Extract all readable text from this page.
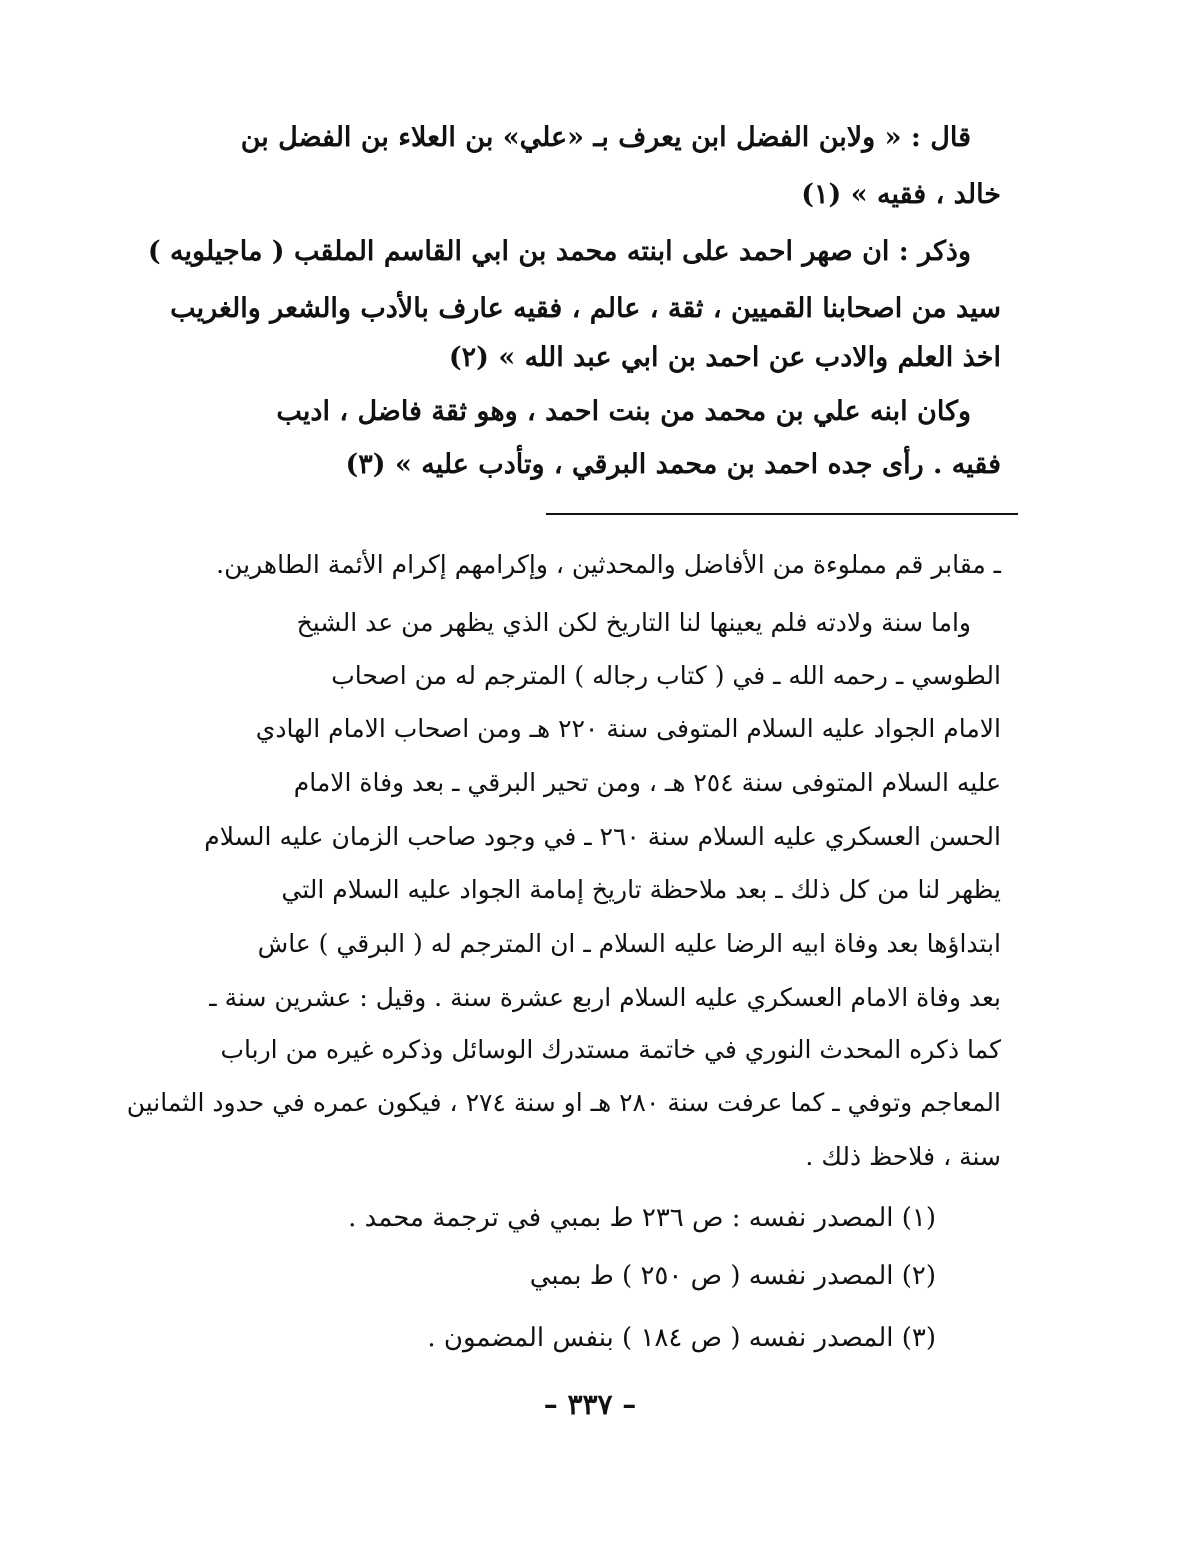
قال : « ولابن الفضل ابن يعرف بـ «علي» بن العلاء بن الفضل بن
خالد ، فقيه » (١)
وذكر : ان صهر احمد على ابنته محمد بن ابي القاسم الملقب ( ماجيلويه )
سيد من اصحابنا القميين ، ثقة ، عالم ، فقيه عارف بالأدب والشعر والغريب
اخذ العلم والادب عن احمد بن ابي عبد الله » (٢)
وكان ابنه علي بن محمد من بنت احمد ، وهو ثقة فاضل ، اديب
فقيه . رأى جده احمد بن محمد البرقي ، وتأدب عليه » (٣)
ـ مقابر قم مملوءة من الأفاضل والمحدثين ، وإكرامهم إكرام الأئمة الطاهرين.
واما سنة ولادته فلم يعينها لنا التاريخ لكن الذي يظهر من عد الشيخ
الطوسي ـ رحمه الله ـ في ( كتاب رجاله ) المترجم له من اصحاب
الامام الجواد عليه السلام المتوفى سنة ٢٢٠ هـ ومن اصحاب الامام الهادي
عليه السلام المتوفى سنة ٢٥٤ هـ ، ومن تحير البرقي ـ بعد وفاة الامام
الحسن العسكري عليه السلام سنة ٢٦٠ ـ في وجود صاحب الزمان عليه السلام
يظهر لنا من كل ذلك ـ بعد ملاحظة تاريخ إمامة الجواد عليه السلام التي
ابتداؤها بعد وفاة ابيه الرضا عليه السلام ـ ان المترجم له ( البرقي ) عاش
بعد وفاة الامام العسكري عليه السلام اربع عشرة سنة . وقيل : عشرين سنة ـ
كما ذكره المحدث النوري في خاتمة مستدرك الوسائل وذكره غيره من ارباب
المعاجم وتوفي ـ كما عرفت سنة ٢٨٠ هـ او سنة ٢٧٤ ، فيكون عمره في حدود الثمانين
سنة ، فلاحظ ذلك .
(١) المصدر نفسه : ص ٢٣٦ ط بمبي في ترجمة محمد .
(٢) المصدر نفسه ( ص ٢٥٠ ) ط بمبي
(٣) المصدر نفسه ( ص ١٨٤ ) بنفس المضمون .
– ٣٣٧ –
